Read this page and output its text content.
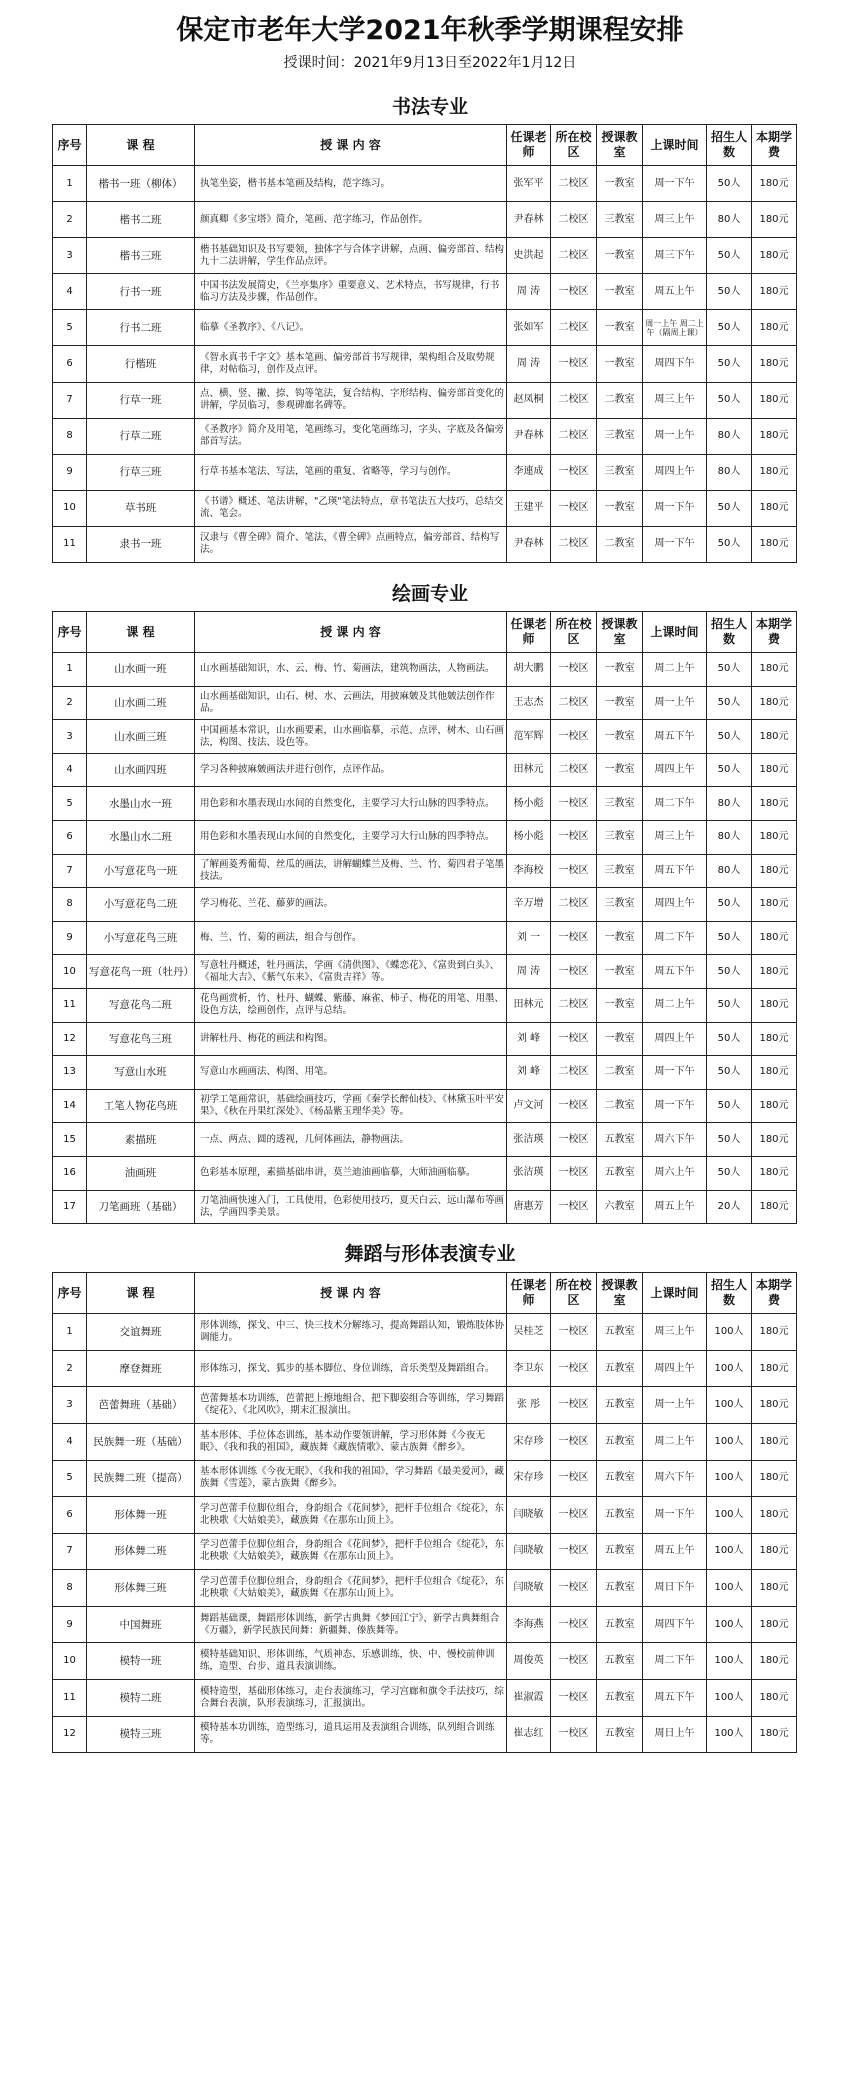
保定市老年大学2021年秋季学期课程安排
授课时间：2021年9月13日至2022年1月12日
书法专业
序号	课 程	授 课 内 容	任课老师	所在校区	授课教室	上课时间	招生人数	本期学费
1	楷书一班（柳体）	执笔坐姿，楷书基本笔画及结构，范字练习。	张军平	二校区	一教室	周一下午	50人	180元
2	楷书二班	颜真卿《多宝塔》简介，笔画、范字练习，作品创作。	尹春林	二校区	三教室	周三上午	80人	180元
3	楷书三班	楷书基础知识及书写要领，独体字与合体字讲解，点画、偏旁部首、结构九十二法讲解，学生作品点评。	史洪起	二校区	一教室	周三下午	50人	180元
4	行书一班	中国书法发展简史，《兰亭集序》重要意义、艺术特点，书写规律，行书临习方法及步骤，作品创作。	周 涛	一校区	一教室	周五上午	50人	180元
5	行书二班	临摹《圣教序》、《八记》。	张如军	二校区	一教室	周一上午 周二上午（隔周上课）	50人	180元
6	行楷班	《智永真书千字文》基本笔画、偏旁部首书写规律，架构组合及取势规律，对帖临习，创作及点评。	周 涛	一校区	一教室	周四下午	50人	180元
7	行草一班	点、横、竖、撇、捺、钩等笔法，复合结构、字形结构、偏旁部首变化的讲解，学员临习，参观碑廊名碑等。	赵凤桐	二校区	二教室	周三上午	50人	180元
8	行草二班	《圣教序》简介及用笔，笔画练习，变化笔画练习，字头、字底及各偏旁部首写法。	尹春林	二校区	三教室	周一上午	80人	180元
9	行草三班	行草书基本笔法、写法，笔画的重复、省略等，学习与创作。	李連成	一校区	三教室	周四上午	80人	180元
10	草书班	《书谱》概述、笔法讲解，"乙瑛"笔法特点，章书笔法五大技巧，总结交流、笔会。	王建平	一校区	一教室	周一下午	50人	180元
11	隶书一班	汉隶与《曹全碑》简介、笔法，《曹全碑》点画特点，偏旁部首、结构写法。	尹春林	二校区	二教室	周一下午	50人	180元
绘画专业
序号	课 程	授 课 内 容	任课老师	所在校区	授课教室	上课时间	招生人数	本期学费
1	山水画一班	山水画基础知识，水、云、梅、竹、菊画法，建筑物画法，人物画法。	胡大鹏	一校区	一教室	周二上午	50人	180元
2	山水画二班	山水画基础知识，山石、树、水、云画法，用披麻皴及其他皴法创作作品。	王志杰	二校区	一教室	周一上午	50人	180元
3	山水画三班	中国画基本常识，山水画要素，山水画临摹，示范、点评，树木、山石画法，构图、技法、设色等。	范军辉	一校区	一教室	周五下午	50人	180元
4	山水画四班	学习各种披麻皴画法并进行创作，点评作品。	田林元	二校区	一教室	周四上午	50人	180元
5	水墨山水一班	用色彩和水墨表现山水间的自然变化，主要学习大行山脉的四季特点。	杨小彪	一校区	三教室	周二下午	80人	180元
6	水墨山水二班	用色彩和水墨表现山水间的自然变化，主要学习大行山脉的四季特点。	杨小彪	一校区	三教室	周三上午	80人	180元
7	小写意花鸟一班	了解画菱秀葡萄、丝瓜的画法，讲解蝴蝶兰及梅、兰、竹、菊四君子笔墨技法。	李海校	一校区	三教室	周五下午	80人	180元
8	小写意花鸟二班	学习梅花、兰花、藤萝的画法。	辛万增	二校区	三教室	周四上午	50人	180元
9	小写意花鸟三班	梅、兰、竹、菊的画法，组合与创作。	刘 一	一校区	一教室	周二下午	50人	180元
10	写意花鸟一班（牡丹）	写意牡丹概述，牡丹画法，学画《清供图》、《蝶恋花》、《富贵到白头》、《福址大吉》、《紫气东来》、《富贵吉祥》等。	周 涛	一校区	一教室	周五下午	50人	180元
11	写意花鸟二班	花鸟画赏析，竹、杜丹、蝴蝶、紫藤、麻雀、柿子、梅花的用笔、用墨、设色方法，绘画创作，点评与总结。	田林元	二校区	一教室	周二上午	50人	180元
12	写意花鸟三班	讲解杜丹、梅花的画法和构图。	刘 峰	一校区	一教室	周四上午	50人	180元
13	写意山水班	写意山水画画法、构图、用笔。	刘 峰	二校区	二教室	周一下午	50人	180元
14	工笔人物花鸟班	初学工笔画常识，基础绘画技巧，学画《秦学长醉仙枝》、《林黛玉叶平安果》、《秋在丹果红深处》、《杨晶紫玉理华美》等。	卢文河	一校区	二教室	周一下午	50人	180元
15	素描班	一点、两点、圆的透视，几何体画法，静物画法。	张洁瑛	一校区	五教室	周六下午	50人	180元
16	油画班	色彩基本原理，素描基础串讲，莫兰迪油画临摹，大师油画临摹。	张洁瑛	一校区	五教室	周六上午	50人	180元
17	刀笔画班（基础）	刀笔油画快速入门，工具使用，色彩使用技巧，夏天白云、远山瀑布等画法，学画四季美景。	唐惠芳	一校区	六教室	周五上午	20人	180元
舞蹈与形体表演专业
序号	课 程	授 课 内 容	任课老师	所在校区	授课教室	上课时间	招生人数	本期学费
1	交谊舞班	形体训练，探戈、中三、快三技术分解练习，提高舞蹈认知，锻炼肢体协调能力。	吴桂芝	一校区	五教室	周三上午	100人	180元
2	摩登舞班	形体练习，探戈、狐步的基本脚位、身位训练，音乐类型及舞蹈组合。	李卫东	一校区	五教室	周四上午	100人	180元
3	芭蕾舞班（基础）	芭蕾舞基本功训练，芭蕾把上擦地组合、把下脚姿组合等训练，学习舞蹈《绽花》、《北风吹》，期末汇报演出。	张 彤	一校区	五教室	周一上午	100人	180元
4	民族舞一班（基础）	基本形体、手位体态训练，基本动作要领讲解，学习形体舞《今夜无眠》、《我和我的祖国》，藏族舞《藏族情歌》、蒙古族舞《醉乡》。	宋存珍	一校区	五教室	周二上午	100人	180元
5	民族舞二班（提高）	基本形体训练《今夜无眠》、《我和我的祖国》，学习舞蹈《最美爱河》，藏族舞《雪莲》，蒙古族舞《醉乡》。	宋存珍	一校区	五教室	周六下午	100人	180元
6	形体舞一班	学习芭蕾手位脚位组合，身韵组合《花间梦》，把杆手位组合《绽花》，东北秧歌《大姑娘美》，藏族舞《在那东山顶上》。	闫晓敏	一校区	五教室	周一下午	100人	180元
7	形体舞二班	学习芭蕾手位脚位组合，身韵组合《花间梦》，把杆手位组合《绽花》，东北秧歌《大姑娘美》，藏族舞《在那东山顶上》。	闫晓敏	一校区	五教室	周五上午	100人	180元
8	形体舞三班	学习芭蕾手位脚位组合，身韵组合《花间梦》，把杆手位组合《绽花》，东北秧歌《大姑娘美》，藏族舞《在那东山顶上》。	闫晓敏	一校区	五教室	周日下午	100人	180元
9	中国舞班	舞蹈基础课，舞蹈形体训练，新学古典舞《梦回江宁》、新学古典舞组合《万疆》，新学民族民间舞：新疆舞、傣族舞等。	李海燕	一校区	五教室	周四下午	100人	180元
10	模特一班	模特基础知识、形体训练，气质神态、乐感训练，快、中、慢校前伸训练，造型、台步、道具表演训练。	周俊英	一校区	五教室	周二下午	100人	180元
11	模特二班	模特造型，基础形体练习，走台表演练习，学习宫廊和旗令手法技巧，综合舞台表演，队形表演练习，汇报演出。	崔淑霞	一校区	五教室	周五下午	100人	180元
12	模特三班	模特基本功训练，造型练习，道具运用及表演组合训练，队列组合训练等。	崔志红	一校区	五教室	周日上午	100人	180元
